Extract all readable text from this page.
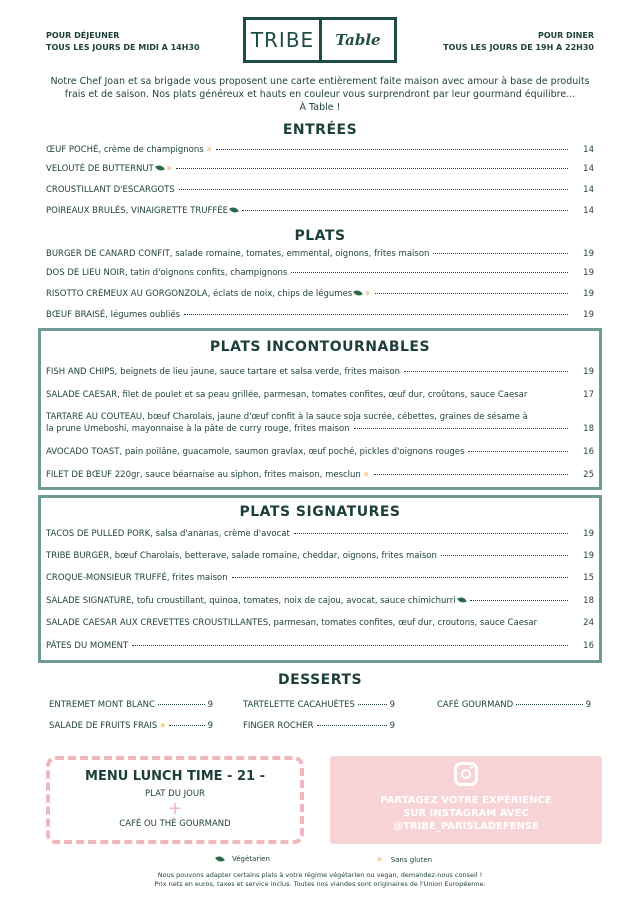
POUR DÉJEUNER
TOUS LES JOURS DE MIDI A 14H30	TRIBE	Table	POUR DINER
TOUS LES JOURS DE 19H A 22H30
Notre Chef Joan et sa brigade vous proposent une carte entièrement faite maison avec amour à base de produits
frais et de saison. Nos plats généreux et hauts en couleur vous surprendront par leur gourmand équilibre...
À Table !
ENTRÉES
ŒUF POCHÉ, crème de champignons ✳	14
VELOUTÉ DE BUTTERNUT ✳	14
CROUSTILLANT D'ESCARGOTS	14
POIREAUX BRULÉS, VINAIGRETTE TRUFFÉE	14
PLATS
BURGER DE CANARD CONFIT, salade romaine, tomates, emmental, oignons, frites maison	19
DOS DE LIEU NOIR, tatin d'oignons confits, champignons	19
RISOTTO CRÉMEUX AU GORGONZOLA, éclats de noix, chips de légumes ✳	19
BŒUF BRAISÉ, légumes oubliés	19
PLATS INCONTOURNABLES
FISH AND CHIPS, beignets de lieu jaune, sauce tartare et salsa verde, frites maison	19
SALADE CAESAR, filet de poulet et sa peau grillée, parmesan, tomates confites, œuf dur, croûtons, sauce Caesar	17
TARTARE AU COUTEAU, bœuf Charolais, jaune d'œuf confit à la sauce soja sucrée, cébettes, graines de sésame à
la prune Umeboshi, mayonnaise à la pâte de curry rouge, frites maison	18
AVOCADO TOAST, pain poilâne, guacamole, saumon gravlax, œuf poché, pickles d'oignons rouges	16
FILET DE BŒUF 220gr, sauce béarnaise au siphon, frites maison, mesclun ✳	25
PLATS SIGNATURES
TACOS DE PULLED PORK, salsa d'ananas, crème d'avocat	19
TRIBE BURGER, bœuf Charolais, betterave, salade romaine, cheddar, oignons, frites maison	19
CROQUE-MONSIEUR TRUFFÉ, frites maison	15
SALADE SIGNATURE, tofu croustillant, quinoa, tomates, noix de cajou, avocat, sauce chimichurri	18
SALADE CAESAR AUX CREVETTES CROUSTILLANTES, parmesan, tomates confites, œuf dur, croutons, sauce Caesar	24
PÂTES DU MOMENT	16
DESSERTS
ENTREMET MONT BLANC	9	TARTELETTE CACAHUÈTES	9	CAFÉ GOURMAND	9
SALADE DE FRUITS FRAIS ✳	9	FINGER ROCHER	9
MENU LUNCH TIME - 21 -
PLAT DU JOUR
+
CAFÉ OU THÉ GOURMAND
PARTAGEZ VOTRE EXPÉRIENCE
SUR INSTAGRAM AVEC
@TRIBE_PARISLADEFENSE
Végétarien	✳ Sans gluten
Nous pouvons adapter certains plats à votre régime végétarien ou vegan, demandez-nous conseil !
Prix nets en euros, taxes et service inclus. Toutes nos viandes sont originaires de l'Union Européenne.
